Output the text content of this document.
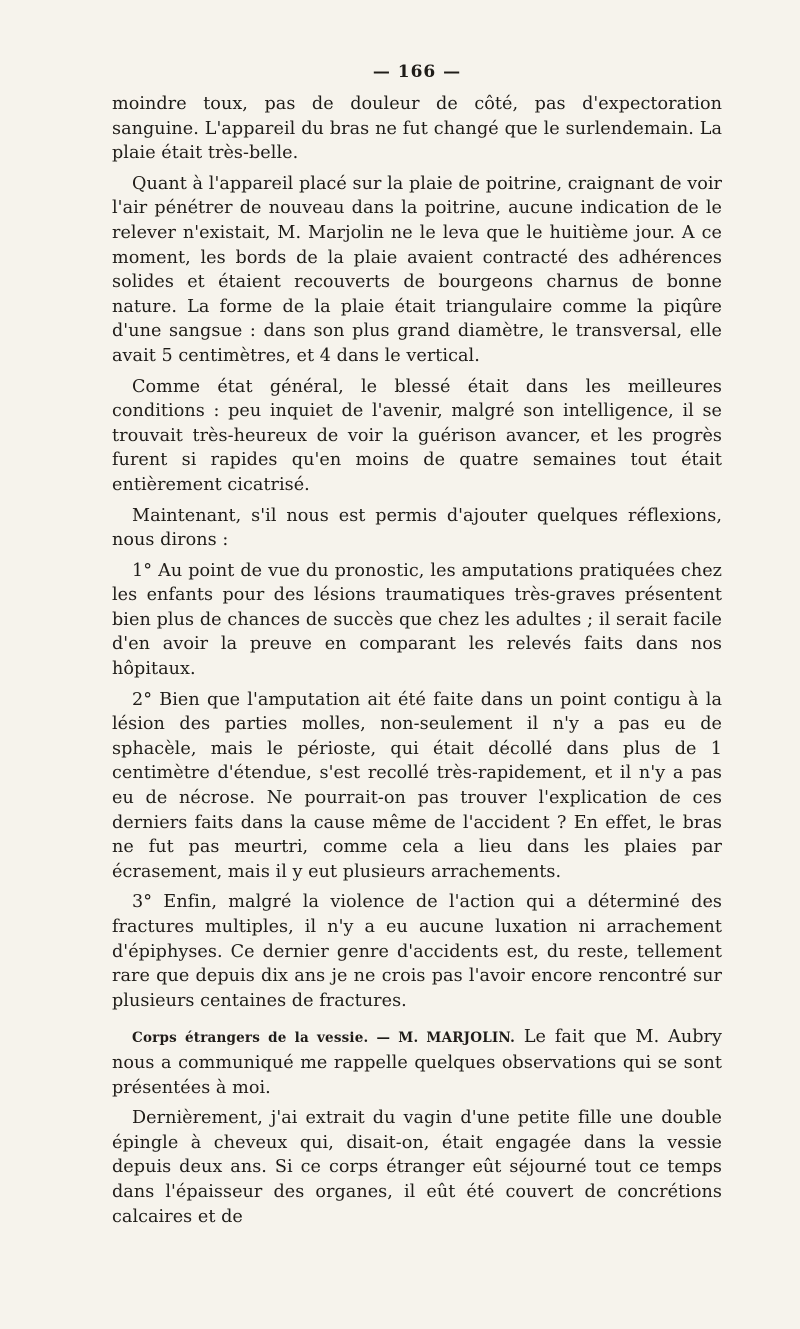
— 166 —

moindre toux, pas de douleur de côté, pas d'expectoration sanguine. L'appareil du bras ne fut changé que le surlendemain. La plaie était très-belle.

Quant à l'appareil placé sur la plaie de poitrine, craignant de voir l'air pénétrer de nouveau dans la poitrine, aucune indication de le relever n'existait, M. Marjolin ne le leva que le huitième jour. A ce moment, les bords de la plaie avaient contracté des adhérences solides et étaient recouverts de bourgeons charnus de bonne nature. La forme de la plaie était triangulaire comme la piqûre d'une sangsue : dans son plus grand diamètre, le transversal, elle avait 5 centimètres, et 4 dans le vertical.

Comme état général, le blessé était dans les meilleures conditions : peu inquiet de l'avenir, malgré son intelligence, il se trouvait très-heureux de voir la guérison avancer, et les progrès furent si rapides qu'en moins de quatre semaines tout était entièrement cicatrisé.

Maintenant, s'il nous est permis d'ajouter quelques réflexions, nous dirons :

1° Au point de vue du pronostic, les amputations pratiquées chez les enfants pour des lésions traumatiques très-graves présentent bien plus de chances de succès que chez les adultes ; il serait facile d'en avoir la preuve en comparant les relevés faits dans nos hôpitaux.

2° Bien que l'amputation ait été faite dans un point contigu à la lésion des parties molles, non-seulement il n'y a pas eu de sphacèle, mais le périoste, qui était décollé dans plus de 1 centimètre d'étendue, s'est recollé très-rapidement, et il n'y a pas eu de nécrose. Ne pourrait-on pas trouver l'explication de ces derniers faits dans la cause même de l'accident ? En effet, le bras ne fut pas meurtri, comme cela a lieu dans les plaies par écrasement, mais il y eut plusieurs arrachements.

3° Enfin, malgré la violence de l'action qui a déterminé des fractures multiples, il n'y a eu aucune luxation ni arrachement d'épiphyses. Ce dernier genre d'accidents est, du reste, tellement rare que depuis dix ans je ne crois pas l'avoir encore rencontré sur plusieurs centaines de fractures.

Corps étrangers de la vessie. — M. MARJOLIN. Le fait que M. Aubry nous a communiqué me rappelle quelques observations qui se sont présentées à moi.

Dernièrement, j'ai extrait du vagin d'une petite fille une double épingle à cheveux qui, disait-on, était engagée dans la vessie depuis deux ans. Si ce corps étranger eût séjourné tout ce temps dans l'épaisseur des organes, il eût été couvert de concrétions calcaires et de
